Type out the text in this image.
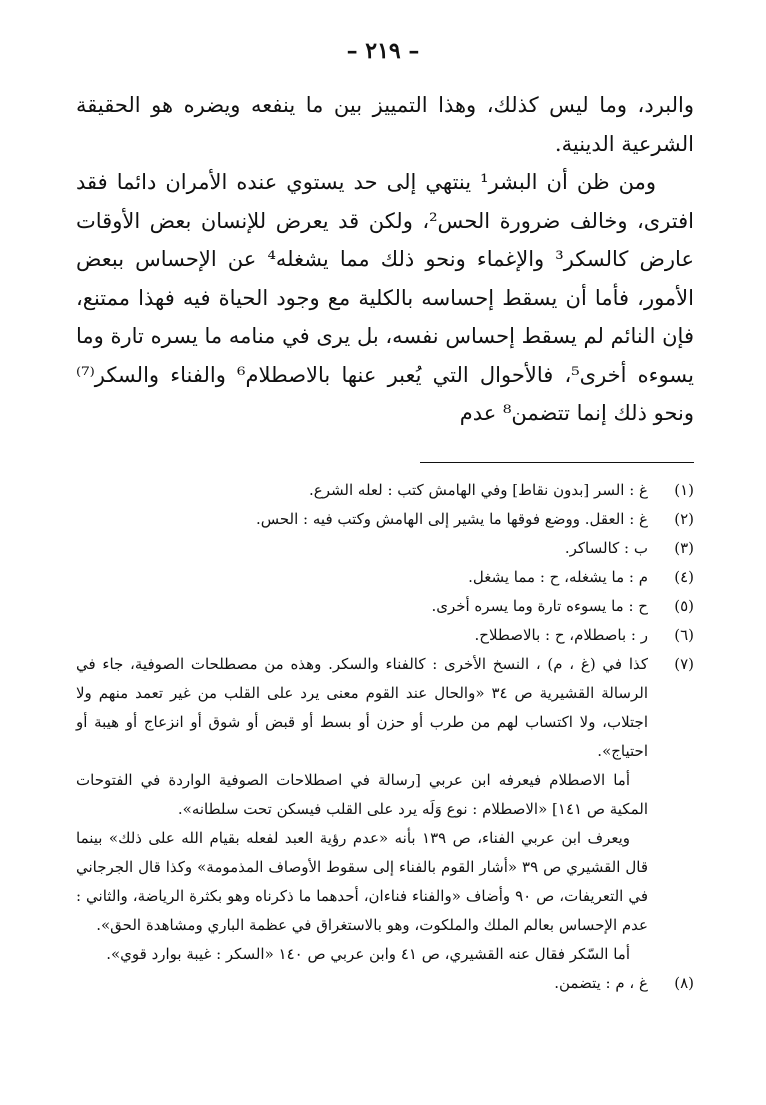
– ٢١٩ –

والبرد، وما ليس كذلك، وهذا التمييز بين ما ينفعه ويضره هو الحقيقة الشرعية الدينية.

ومن ظن أن البشر¹ ينتهي إلى حد يستوي عنده الأمران دائما فقد افترى، وخالف ضرورة الحس²، ولكن قد يعرض للإنسان بعض الأوقات عارض كالسكر³ والإغماء ونحو ذلك مما يشغله⁴ عن الإحساس ببعض الأمور، فأما أن يسقط إحساسه بالكلية مع وجود الحياة فيه فهذا ممتنع، فإن النائم لم يسقط إحساس نفسه، بل يرى في منامه ما يسره تارة وما يسوءه أخرى⁵، فالأحوال التي يُعبر عنها بالاصطلام⁶ والفناء والسكر⁽⁷⁾ ونحو ذلك إنما تتضمن⁸ عدم

(١)
غ : السر [بدون نقاط] وفي الهامش كتب : لعله الشرع.
(٢)
غ : العقل. ووضع فوقها ما يشير إلى الهامش وكتب فيه : الحس.
(٣)
ب : كالساكر.
(٤)
م : ما يشغله، ح : مما يشغل.
(٥)
ح : ما يسوءه تارة وما يسره أخرى.
(٦)
ر : باصطلام، ح : بالاصطلاح.
(٧)
كذا في (غ ، م) ، النسخ الأخرى : كالفناء والسكر. وهذه من مصطلحات الصوفية، جاء في الرسالة القشيرية ص ٣٤ «والحال عند القوم معنى يرد على القلب من غير تعمد منهم ولا اجتلاب، ولا اكتساب لهم من طرب أو حزن أو بسط أو قبض أو شوق أو انزعاج أو هيبة أو احتياج».
أما الاصطلام فيعرفه ابن عربي [رسالة في اصطلاحات الصوفية الواردة في الفتوحات المكية ص ١٤١] «الاصطلام : نوع وَلَه يرد على القلب فيسكن تحت سلطانه».
ويعرف ابن عربي الفناء، ص ١٣٩ بأنه «عدم رؤية العبد لفعله بقيام الله على ذلك» بينما قال القشيري ص ٣٩ «أشار القوم بالفناء إلى سقوط الأوصاف المذمومة» وكذا قال الجرجاني في التعريفات، ص ٩٠ وأضاف «والفناء فناءان، أحدهما ما ذكرناه وهو بكثرة الرياضة، والثاني : عدم الإحساس بعالم الملك والملكوت، وهو بالاستغراق في عظمة الباري ومشاهدة الحق».
أما السّكر فقال عنه القشيري، ص ٤١ وابن عربي ص ١٤٠ «السكر : غيبة بوارد قوي».
(٨)
غ ، م : يتضمن.
